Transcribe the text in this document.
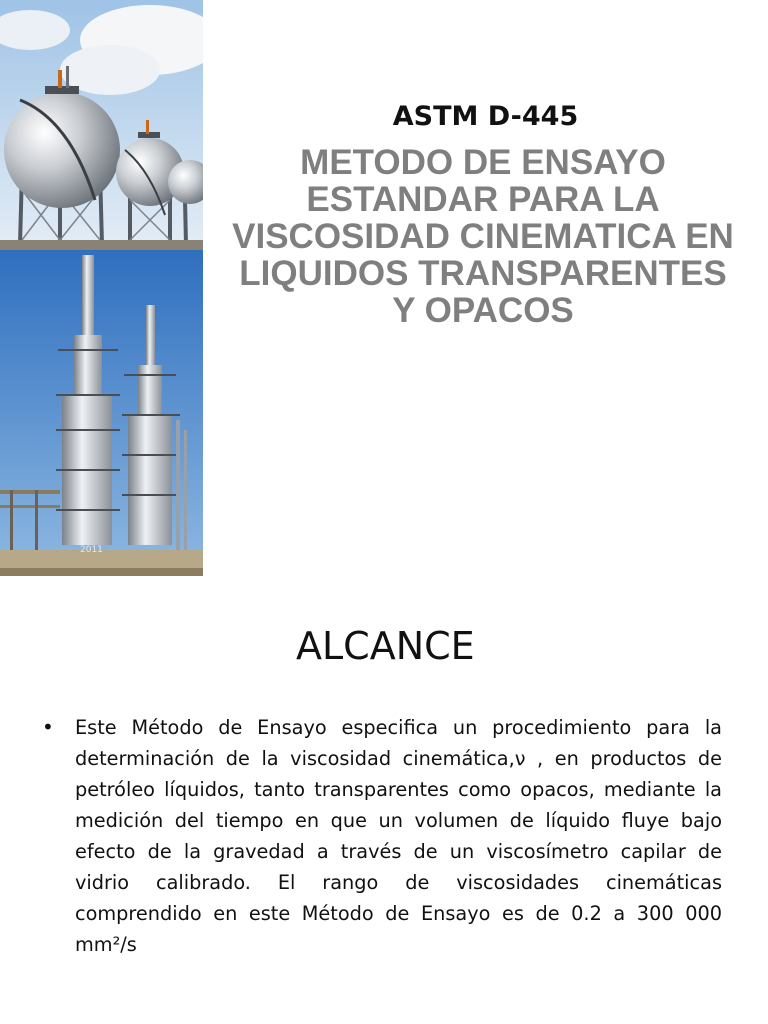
2011
ASTM D-445
METODO DE ENSAYO ESTANDAR PARA LA VISCOSIDAD CINEMATICA EN LIQUIDOS TRANSPARENTES Y OPACOS
ALCANCE
• Este Método de Ensayo especifica un procedimiento para la determinación de la viscosidad cinemática,ν , en productos de petróleo líquidos, tanto transparentes como opacos, mediante la medición del tiempo en que un volumen de líquido fluye bajo efecto de la gravedad a través de un viscosímetro capilar de vidrio calibrado. El rango de viscosidades cinemáticas comprendido en este Método de Ensayo es de 0.2 a 300 000 mm²/s
